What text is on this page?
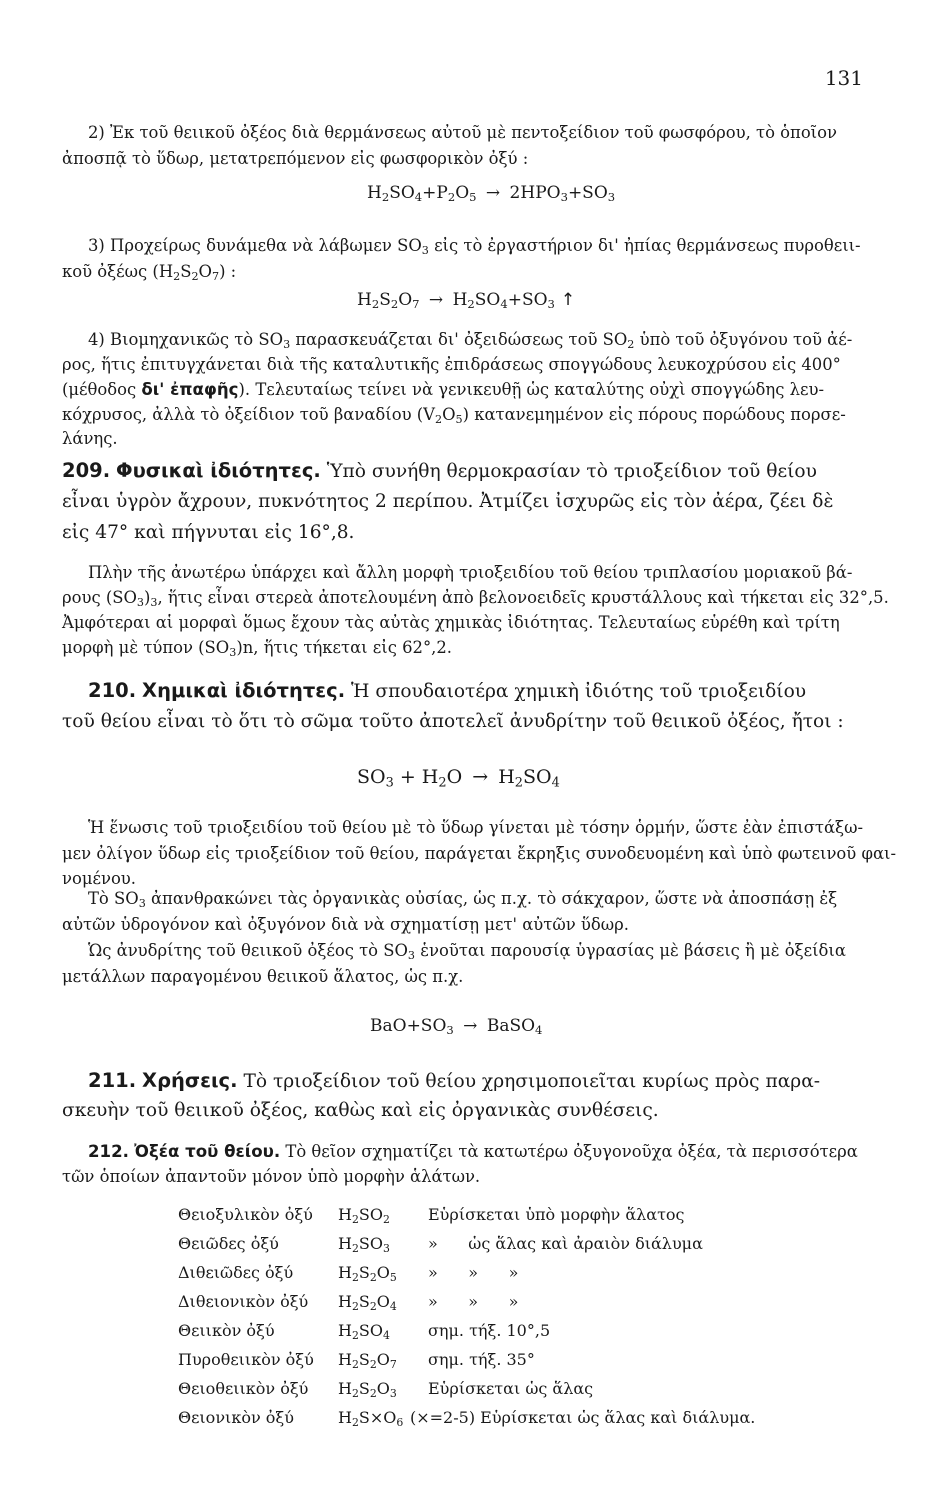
131
2) Ἐκ τοῦ θειικοῦ ὀξέος διὰ θερμάνσεως αὐτοῦ μὲ πεντοξείδιον τοῦ φωσφόρου, τὸ ὁποῖον
ἀποσπᾷ τὸ ὕδωρ, μετατρεπόμενον εἰς φωσφορικὸν ὀξύ :
$H_2SO_4+P_2O_5 \to 2HPO_3+SO_3$
3) Προχείρως δυνάμεθα νὰ λάβωμεν $SO_3$ εἰς τὸ ἐργαστήριον δι' ἠπίας θερμάνσεως πυροθειι-
κοῦ ὀξέως $(H_2S_2O_7)$ :
$H_2S_2O_7 \to H_2SO_4+SO_3$ ↑
4) Βιομηχανικῶς τὸ $SO_3$ παρασκευάζεται δι' ὀξειδώσεως τοῦ $SO_2$ ὑπὸ τοῦ ὀξυγόνου τοῦ ἀέ-
ρος, ἥτις ἐπιτυγχάνεται διὰ τῆς καταλυτικῆς ἐπιδράσεως σπογγώδους λευκοχρύσου εἰς 400°
(μέθοδος δι' ἐπαφῆς). Τελευταίως τείνει νὰ γενικευθῇ ὡς καταλύτης οὐχὶ σπογγώδης λευ-
κόχρυσος, ἀλλὰ τὸ ὀξείδιον τοῦ βαναδίου $(V_2O_5)$ κατανεμημένον εἰς πόρους πορώδους πορσε-
λάνης.
209. Φυσικαὶ ἰδιότητες. Ὑπὸ συνήθη θερμοκρασίαν τὸ τριοξείδιον τοῦ θείου
εἶναι ὑγρὸν ἄχρουν, πυκνότητος 2 περίπου. Ἀτμίζει ἰσχυρῶς εἰς τὸν ἀέρα, ζέει δὲ
εἰς 47° καὶ πήγνυται εἰς 16°,8.
Πλὴν τῆς ἀνωτέρω ὑπάρχει καὶ ἄλλη μορφὴ τριοξειδίου τοῦ θείου τριπλασίου μοριακοῦ βά-
ρους $(SO_3)_3$, ἥτις εἶναι στερεὰ ἀποτελουμένη ἀπὸ βελονοειδεῖς κρυστάλλους καὶ τήκεται εἰς 32°,5.
Ἀμφότεραι αἱ μορφαὶ ὅμως ἔχουν τὰς αὐτὰς χημικὰς ἰδιότητας. Τελευταίως εὑρέθη καὶ τρίτη
μορφὴ μὲ τύπον $(SO_3)n$, ἥτις τήκεται εἰς 62°,2.
210. Χημικαὶ ἰδιότητες. Ἡ σπουδαιοτέρα χημικὴ ἰδιότης τοῦ τριοξειδίου
τοῦ θείου εἶναι τὸ ὅτι τὸ σῶμα τοῦτο ἀποτελεῖ ἀνυδρίτην τοῦ θειικοῦ ὀξέος, ἤτοι :
$SO_3 + H_2O \to H_2SO_4$
Ἡ ἕνωσις τοῦ τριοξειδίου τοῦ θείου μὲ τὸ ὕδωρ γίνεται μὲ τόσην ὁρμήν, ὥστε ἐὰν ἐπιστάξω-
μεν ὀλίγον ὕδωρ εἰς τριοξείδιον τοῦ θείου, παράγεται ἔκρηξις συνοδευομένη καὶ ὑπὸ φωτεινοῦ φαι-
νομένου.
Τὸ $SO_3$ ἀπανθρακώνει τὰς ὀργανικὰς οὐσίας, ὡς π.χ. τὸ σάκχαρον, ὥστε νὰ ἀποσπάσῃ ἐξ
αὐτῶν ὑδρογόνον καὶ ὀξυγόνον διὰ νὰ σχηματίσῃ μετ' αὐτῶν ὕδωρ.
Ὡς ἀνυδρίτης τοῦ θειικοῦ ὀξέος τὸ $SO_3$ ἑνοῦται παρουσίᾳ ὑγρασίας μὲ βάσεις ἢ μὲ ὀξείδια
μετάλλων παραγομένου θειικοῦ ἅλατος, ὡς π.χ.
$BaO+SO_3$ → BaSO$_4$
211. Χρήσεις. Τὸ τριοξείδιον τοῦ θείου χρησιμοποιεῖται κυρίως πρὸς παρα-
σκευὴν τοῦ θειικοῦ ὀξέος, καθὼς καὶ εἰς ὀργανικὰς συνθέσεις.
212. Ὀξέα τοῦ θείου. Τὸ θεῖον σχηματίζει τὰ κατωτέρω ὀξυγονοῦχα ὀξέα, τὰ περισσότερα
τῶν ὁποίων ἀπαντοῦν μόνον ὑπὸ μορφὴν ἁλάτων.
Θειοξυλικὸν ὀξύ $H_2SO_2$ Εὑρίσκεται ὑπὸ μορφὴν ἅλατος
Θειῶδες ὀξύ	$H_2SO_3$ »      ὡς ἅλας καὶ ἀραιὸν διάλυμα
Διθειῶδες ὀξύ	$H_2S_2O_5$ »      »      »
Διθειονικὸν ὀξύ $H_2S_2O_4$ »      »      »
Θειικὸν ὀξύ	$H_2SO_4$ σημ. τήξ. 10°,5
Πυροθειικὸν ὀξύ $H_2S_2O_7$ σημ. τήξ. 35°
Θειοθειικὸν ὀξύ $H_2S_2O_3$ Εὑρίσκεται ὡς ἅλας
Θειονικὸν ὀξύ	$H_2S\times O_6$ (×=2-5) Εὑρίσκεται ὡς ἅλας καὶ διάλυμα.
